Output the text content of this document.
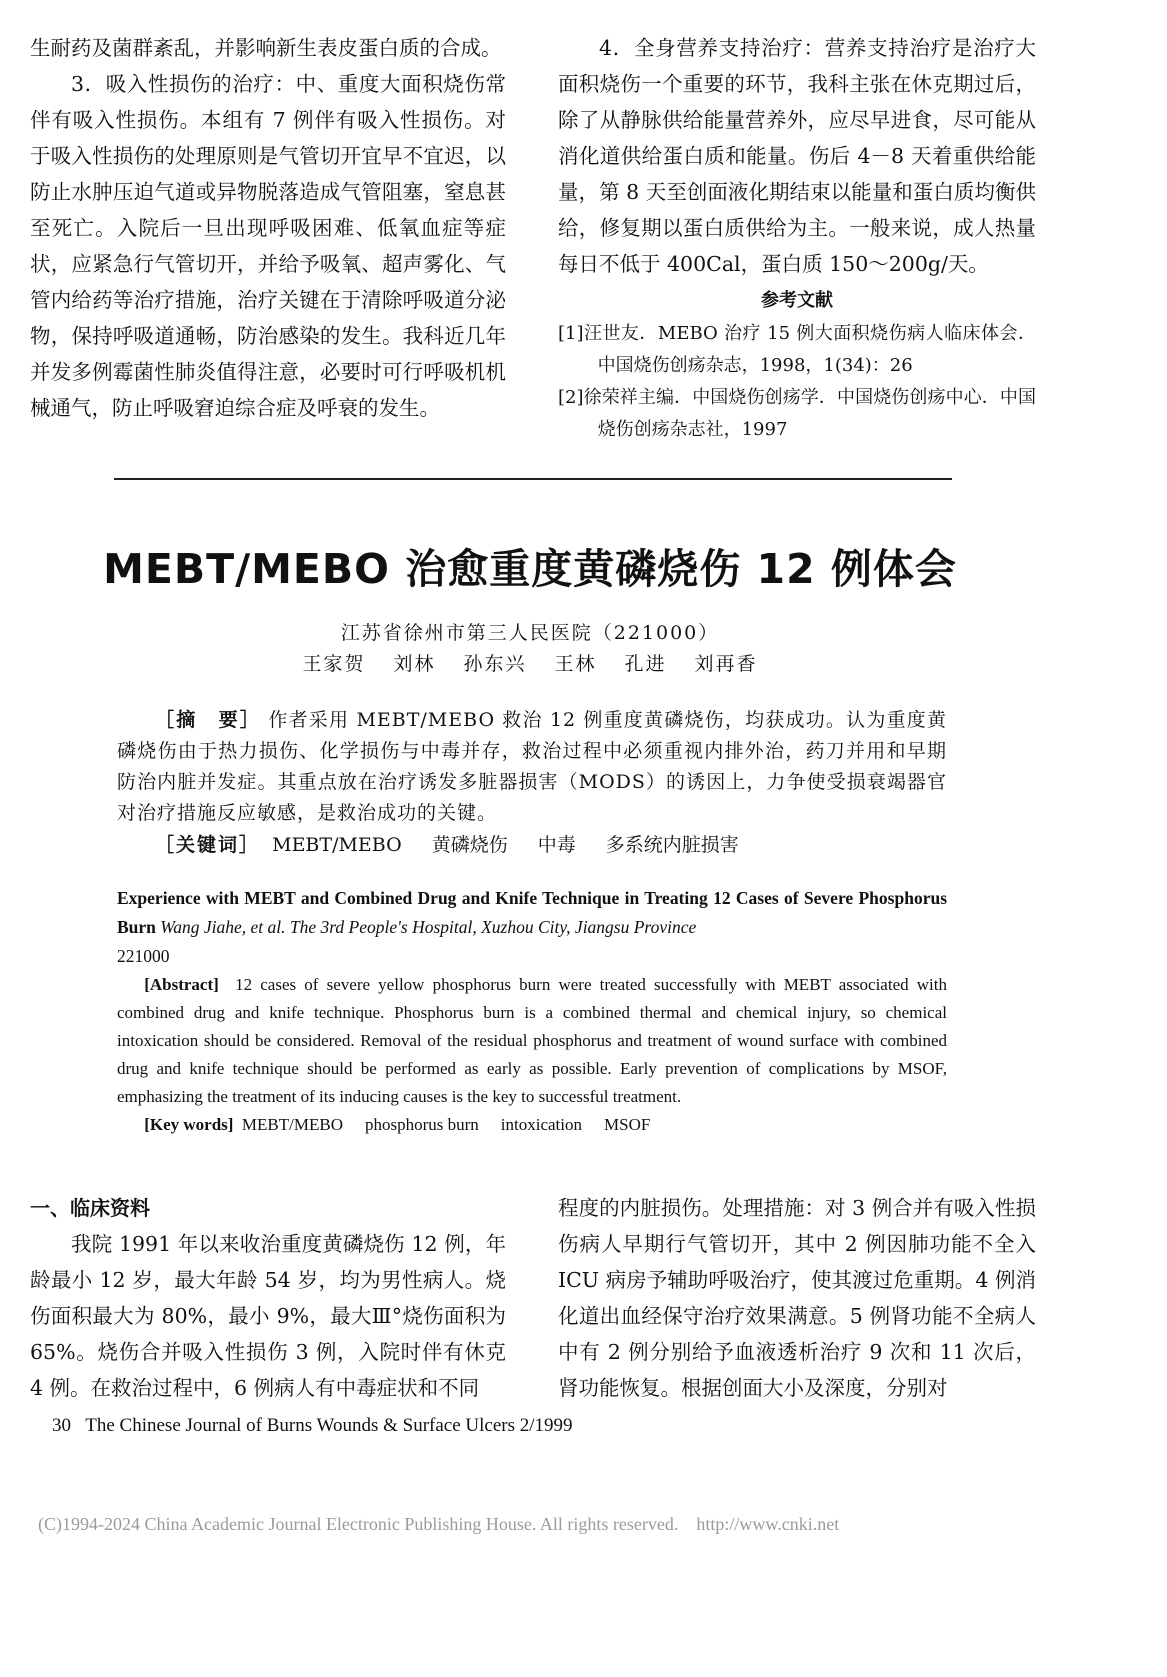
生耐药及菌群紊乱，并影响新生表皮蛋白质的合成。

3．吸入性损伤的治疗：中、重度大面积烧伤常伴有吸入性损伤。本组有 7 例伴有吸入性损伤。对于吸入性损伤的处理原则是气管切开宜早不宜迟，以防止水肿压迫气道或异物脱落造成气管阻塞，窒息甚至死亡。入院后一旦出现呼吸困难、低氧血症等症状，应紧急行气管切开，并给予吸氧、超声雾化、气管内给药等治疗措施，治疗关键在于清除呼吸道分泌物，保持呼吸道通畅，防治感染的发生。我科近几年并发多例霉菌性肺炎值得注意，必要时可行呼吸机机械通气，防止呼吸窘迫综合症及呼衰的发生。

4．全身营养支持治疗：营养支持治疗是治疗大面积烧伤一个重要的环节，我科主张在休克期过后，除了从静脉供给能量营养外，应尽早进食，尽可能从消化道供给蛋白质和能量。伤后 4－8 天着重供给能量，第 8 天至创面液化期结束以能量和蛋白质均衡供给，修复期以蛋白质供给为主。一般来说，成人热量每日不低于 400Cal，蛋白质 150～200g/天。

参考文献

[1]汪世友．MEBO 治疗 15 例大面积烧伤病人临床体会．中国烧伤创疡杂志，1998，1(34)：26

[2]徐荣祥主编．中国烧伤创疡学．中国烧伤创疡中心．中国烧伤创疡杂志社，1997

MEBT/MEBO 治愈重度黄磷烧伤 12 例体会
江苏省徐州市第三人民医院（221000）
王家贺 刘林 孙东兴 王林 孔进 刘再香

［摘　要］ 作者采用 MEBT/MEBO 救治 12 例重度黄磷烧伤，均获成功。认为重度黄磷烧伤由于热力损伤、化学损伤与中毒并存，救治过程中必须重视内排外治，药刀并用和早期防治内脏并发症。其重点放在治疗诱发多脏器损害（MODS）的诱因上，力争使受损衰竭器官对治疗措施反应敏感，是救治成功的关键。

［关键词］ MEBT/MEBO 黄磷烧伤 中毒 多系统内脏损害

Experience with MEBT and Combined Drug and Knife Technique in Treating 12 Cases of Severe Phosphorus Burn Wang Jiahe, et al. The 3rd People's Hospital, Xuzhou City, Jiangsu Province

221000

[Abstract] 12 cases of severe yellow phosphorus burn were treated successfully with MEBT associated with combined drug and knife technique. Phosphorus burn is a combined thermal and chemical injury, so chemical intoxication should be considered. Removal of the residual phosphorus and treatment of wound surface with combined drug and knife technique should be performed as early as possible. Early prevention of complications by MSOF, emphasizing the treatment of its inducing causes is the key to successful treatment.

[Key words] MEBT/MEBO phosphorus burn intoxication MSOF

一、临床资料

我院 1991 年以来收治重度黄磷烧伤 12 例，年龄最小 12 岁，最大年龄 54 岁，均为男性病人。烧伤面积最大为 80%，最小 9%，最大Ⅲ°烧伤面积为 65%。烧伤合并吸入性损伤 3 例，入院时伴有休克 4 例。在救治过程中，6 例病人有中毒症状和不同

程度的内脏损伤。处理措施：对 3 例合并有吸入性损伤病人早期行气管切开，其中 2 例因肺功能不全入 ICU 病房予辅助呼吸治疗，使其渡过危重期。4 例消化道出血经保守治疗效果满意。5 例肾功能不全病人中有 2 例分别给予血液透析治疗 9 次和 11 次后，肾功能恢复。根据创面大小及深度，分别对

30 The Chinese Journal of Burns Wounds & Surface Ulcers 2/1999
(C)1994-2024 China Academic Journal Electronic Publishing House. All rights reserved.    http://www.cnki.net
